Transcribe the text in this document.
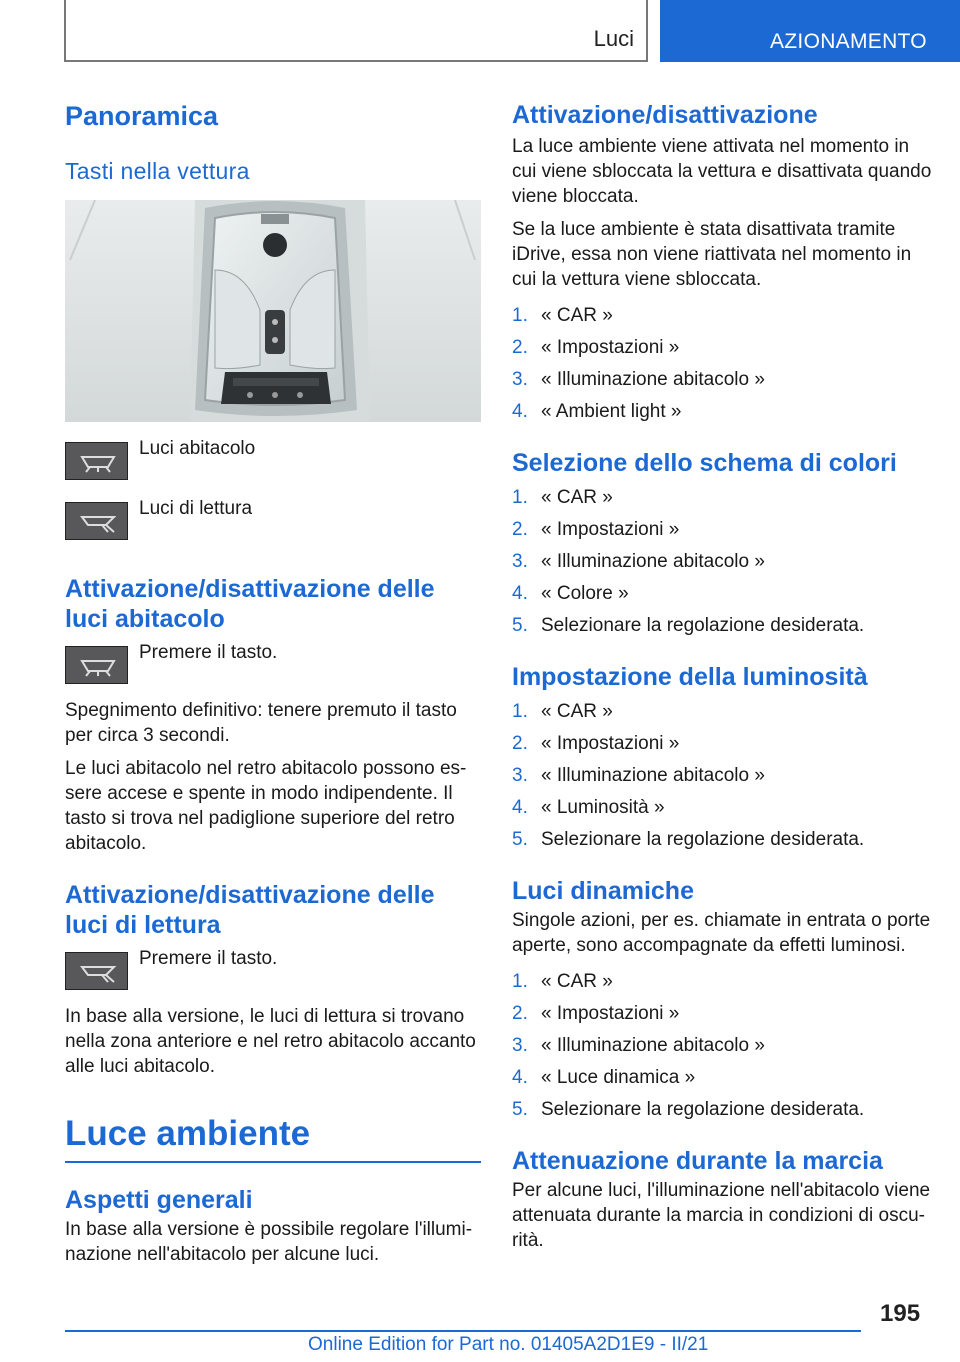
Luci	AZIONAMENTO
Panoramica
Tasti nella vettura
Luci abitacolo
Luci di lettura
Attivazione/disattivazione delle luci abitacolo
Premere il tasto.

Spegnimento definitivo: tenere premuto il tasto per circa 3 secondi.

Le luci abitacolo nel retro abitacolo possono essere accese e spente in modo indipendente. Il tasto si trova nel padiglione superiore del retro abitacolo.

Attivazione/disattivazione delle luci di lettura
Premere il tasto.

In base alla versione, le luci di lettura si trovano nella zona anteriore e nel retro abitacolo accanto alle luci abitacolo.

Luce ambiente
Aspetti generali

In base alla versione è possibile regolare l'illuminazione nell'abitacolo per alcune luci.

Attivazione/disattivazione

La luce ambiente viene attivata nel momento in cui viene sbloccata la vettura e disattivata quando viene bloccata.

Se la luce ambiente è stata disattivata tramite iDrive, essa non viene riattivata nel momento in cui la vettura viene sbloccata.

1. « CAR »
2. « Impostazioni »
3. « Illuminazione abitacolo »
4. « Ambient light »
Selezione dello schema di colori
1. « CAR »
2. « Impostazioni »
3. « Illuminazione abitacolo »
4. « Colore »
5. Selezionare la regolazione desiderata.
Impostazione della luminosità
1. « CAR »
2. « Impostazioni »
3. « Illuminazione abitacolo »
4. « Luminosità »
5. Selezionare la regolazione desiderata.
Luci dinamiche

Singole azioni, per es. chiamate in entrata o porte aperte, sono accompagnate da effetti luminosi.

1. « CAR »
2. « Impostazioni »
3. « Illuminazione abitacolo »
4. « Luce dinamica »
5. Selezionare la regolazione desiderata.
Attenuazione durante la marcia

Per alcune luci, l'illuminazione nell'abitacolo viene attenuata durante la marcia in condizioni di oscurità.

195
Online Edition for Part no. 01405A2D1E9 - II/21
